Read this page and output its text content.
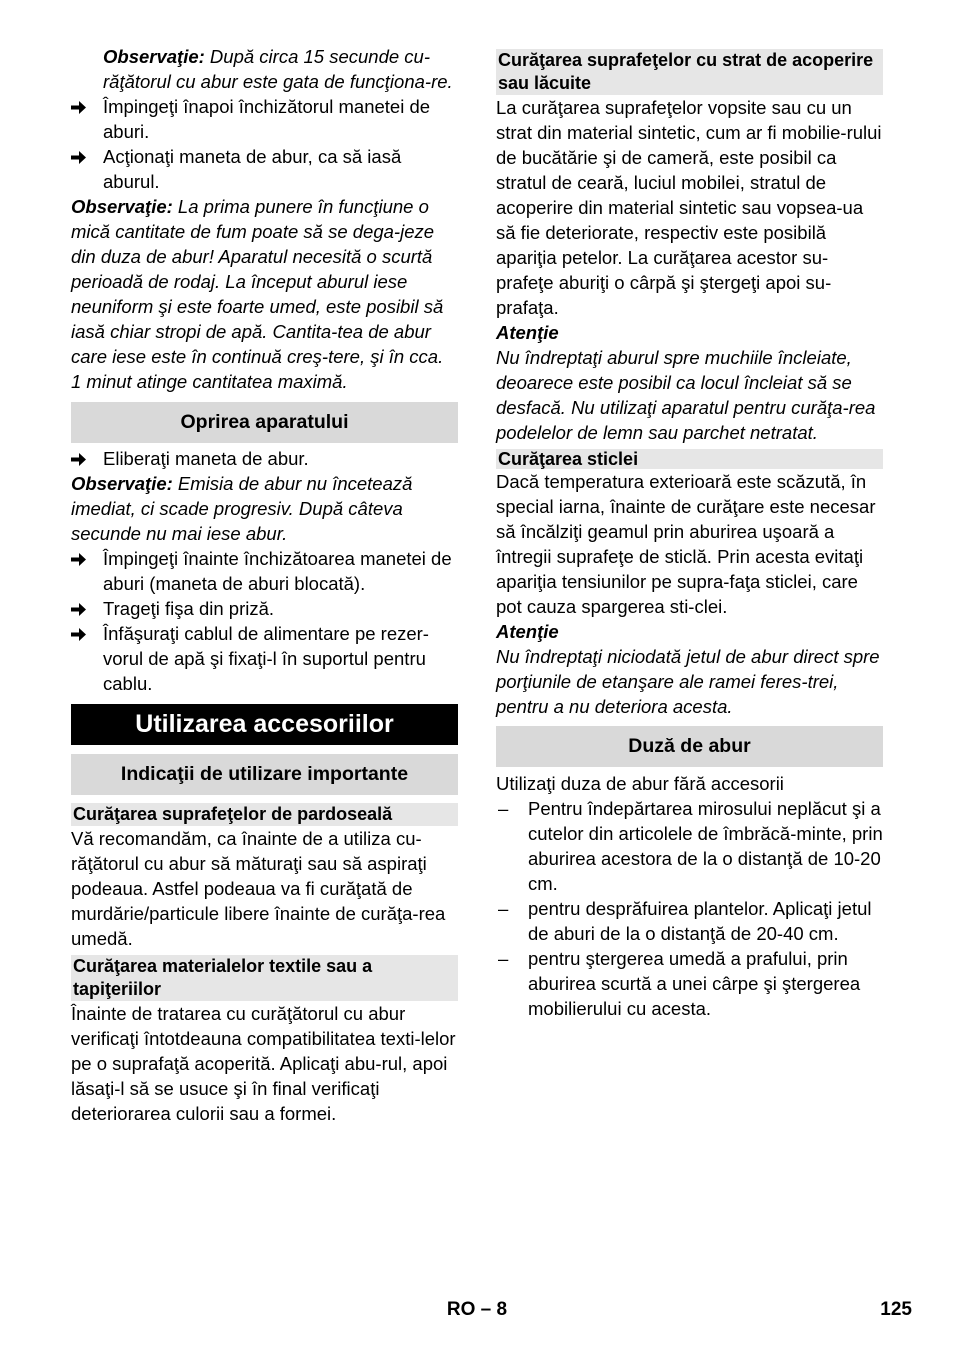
Observaţie: După circa 15 secunde cu-răţătorul cu abur este gata de funcţiona-re.

Împingeţi înapoi închizătorul manetei de aburi.
Acţionaţi maneta de abur, ca să iasă aburul.

Observaţie: La prima punere în funcţiune o mică cantitate de fum poate să se dega-jeze din duza de abur! Aparatul necesită o scurtă perioadă de rodaj. La început aburul iese neuniform şi este foarte umed, este posibil să iasă chiar stropi de apă. Cantita-tea de abur care iese este în continuă creş-tere, şi în cca. 1 minut atinge cantitatea maximă.

Oprirea aparatului
Eliberaţi maneta de abur.

Observaţie: Emisia de abur nu încetează imediat, ci scade progresiv. După câteva secunde nu mai iese abur.

Împingeţi înainte închizătoarea manetei de aburi (maneta de aburi blocată).
Trageţi fişa din priză.
Înfăşuraţi cablul de alimentare pe rezer-vorul de apă şi fixaţi-l în suportul pentru cablu.
Utilizarea accesoriilor
Indicaţii de utilizare importante
Curăţarea suprafeţelor de pardoseală

Vă recomandăm, ca înainte de a utiliza cu-răţătorul cu abur să măturaţi sau să aspiraţi podeaua. Astfel podeaua va fi curăţată de murdărie/particule libere înainte de curăţa-rea umedă.

Curăţarea materialelor textile sau a tapiţeriilor

Înainte de tratarea cu curăţătorul cu abur verificaţi întotdeauna compatibilitatea texti-lelor pe o suprafaţă acoperită. Aplicaţi abu-rul, apoi lăsaţi-l să se usuce şi în final verificaţi deteriorarea culorii sau a formei.

Curăţarea suprafeţelor cu strat de acoperire sau lăcuite

La curăţarea suprafeţelor vopsite sau cu un strat din material sintetic, cum ar fi mobilie-rului de bucătărie şi de cameră, este posibil ca stratul de ceară, luciul mobilei, stratul de acoperire din material sintetic sau vopsea-ua să fie deteriorate, respectiv este posibilă apariţia petelor. La curăţarea acestor su-prafeţe aburiţi o cârpă şi ştergeţi apoi su-prafaţa.

Atenţie

Nu îndreptaţi aburul spre muchiile încleiate, deoarece este posibil ca locul încleiat să se desfacă. Nu utilizaţi aparatul pentru curăţa-rea podelelor de lemn sau parchet netratat.

Curăţarea sticlei

Dacă temperatura exterioară este scăzută, în special iarna, înainte de curăţare este necesar să încălziţi geamul prin aburirea uşoară a întregii suprafeţe de sticlă. Prin acesta evitaţi apariţia tensiunilor pe supra-faţa sticlei, care pot cauza spargerea sti-clei.

Atenţie

Nu îndreptaţi niciodată jetul de abur direct spre porţiunile de etanşare ale ramei feres-trei, pentru a nu deteriora acesta.

Duză de abur

Utilizaţi duza de abur fără accesorii

–	Pentru îndepărtarea mirosului neplăcut şi a cutelor din articolele de îmbrăcă-minte, prin aburirea acestora de la o distanţă de 10-20 cm.
–	pentru desprăfuirea plantelor. Aplicaţi jetul de aburi de la o distanţă de 20-40 cm.
–	pentru ştergerea umedă a prafului, prin aburirea scurtă a unei cârpe şi ştergerea mobilierului cu acesta.
RO – 8	125
